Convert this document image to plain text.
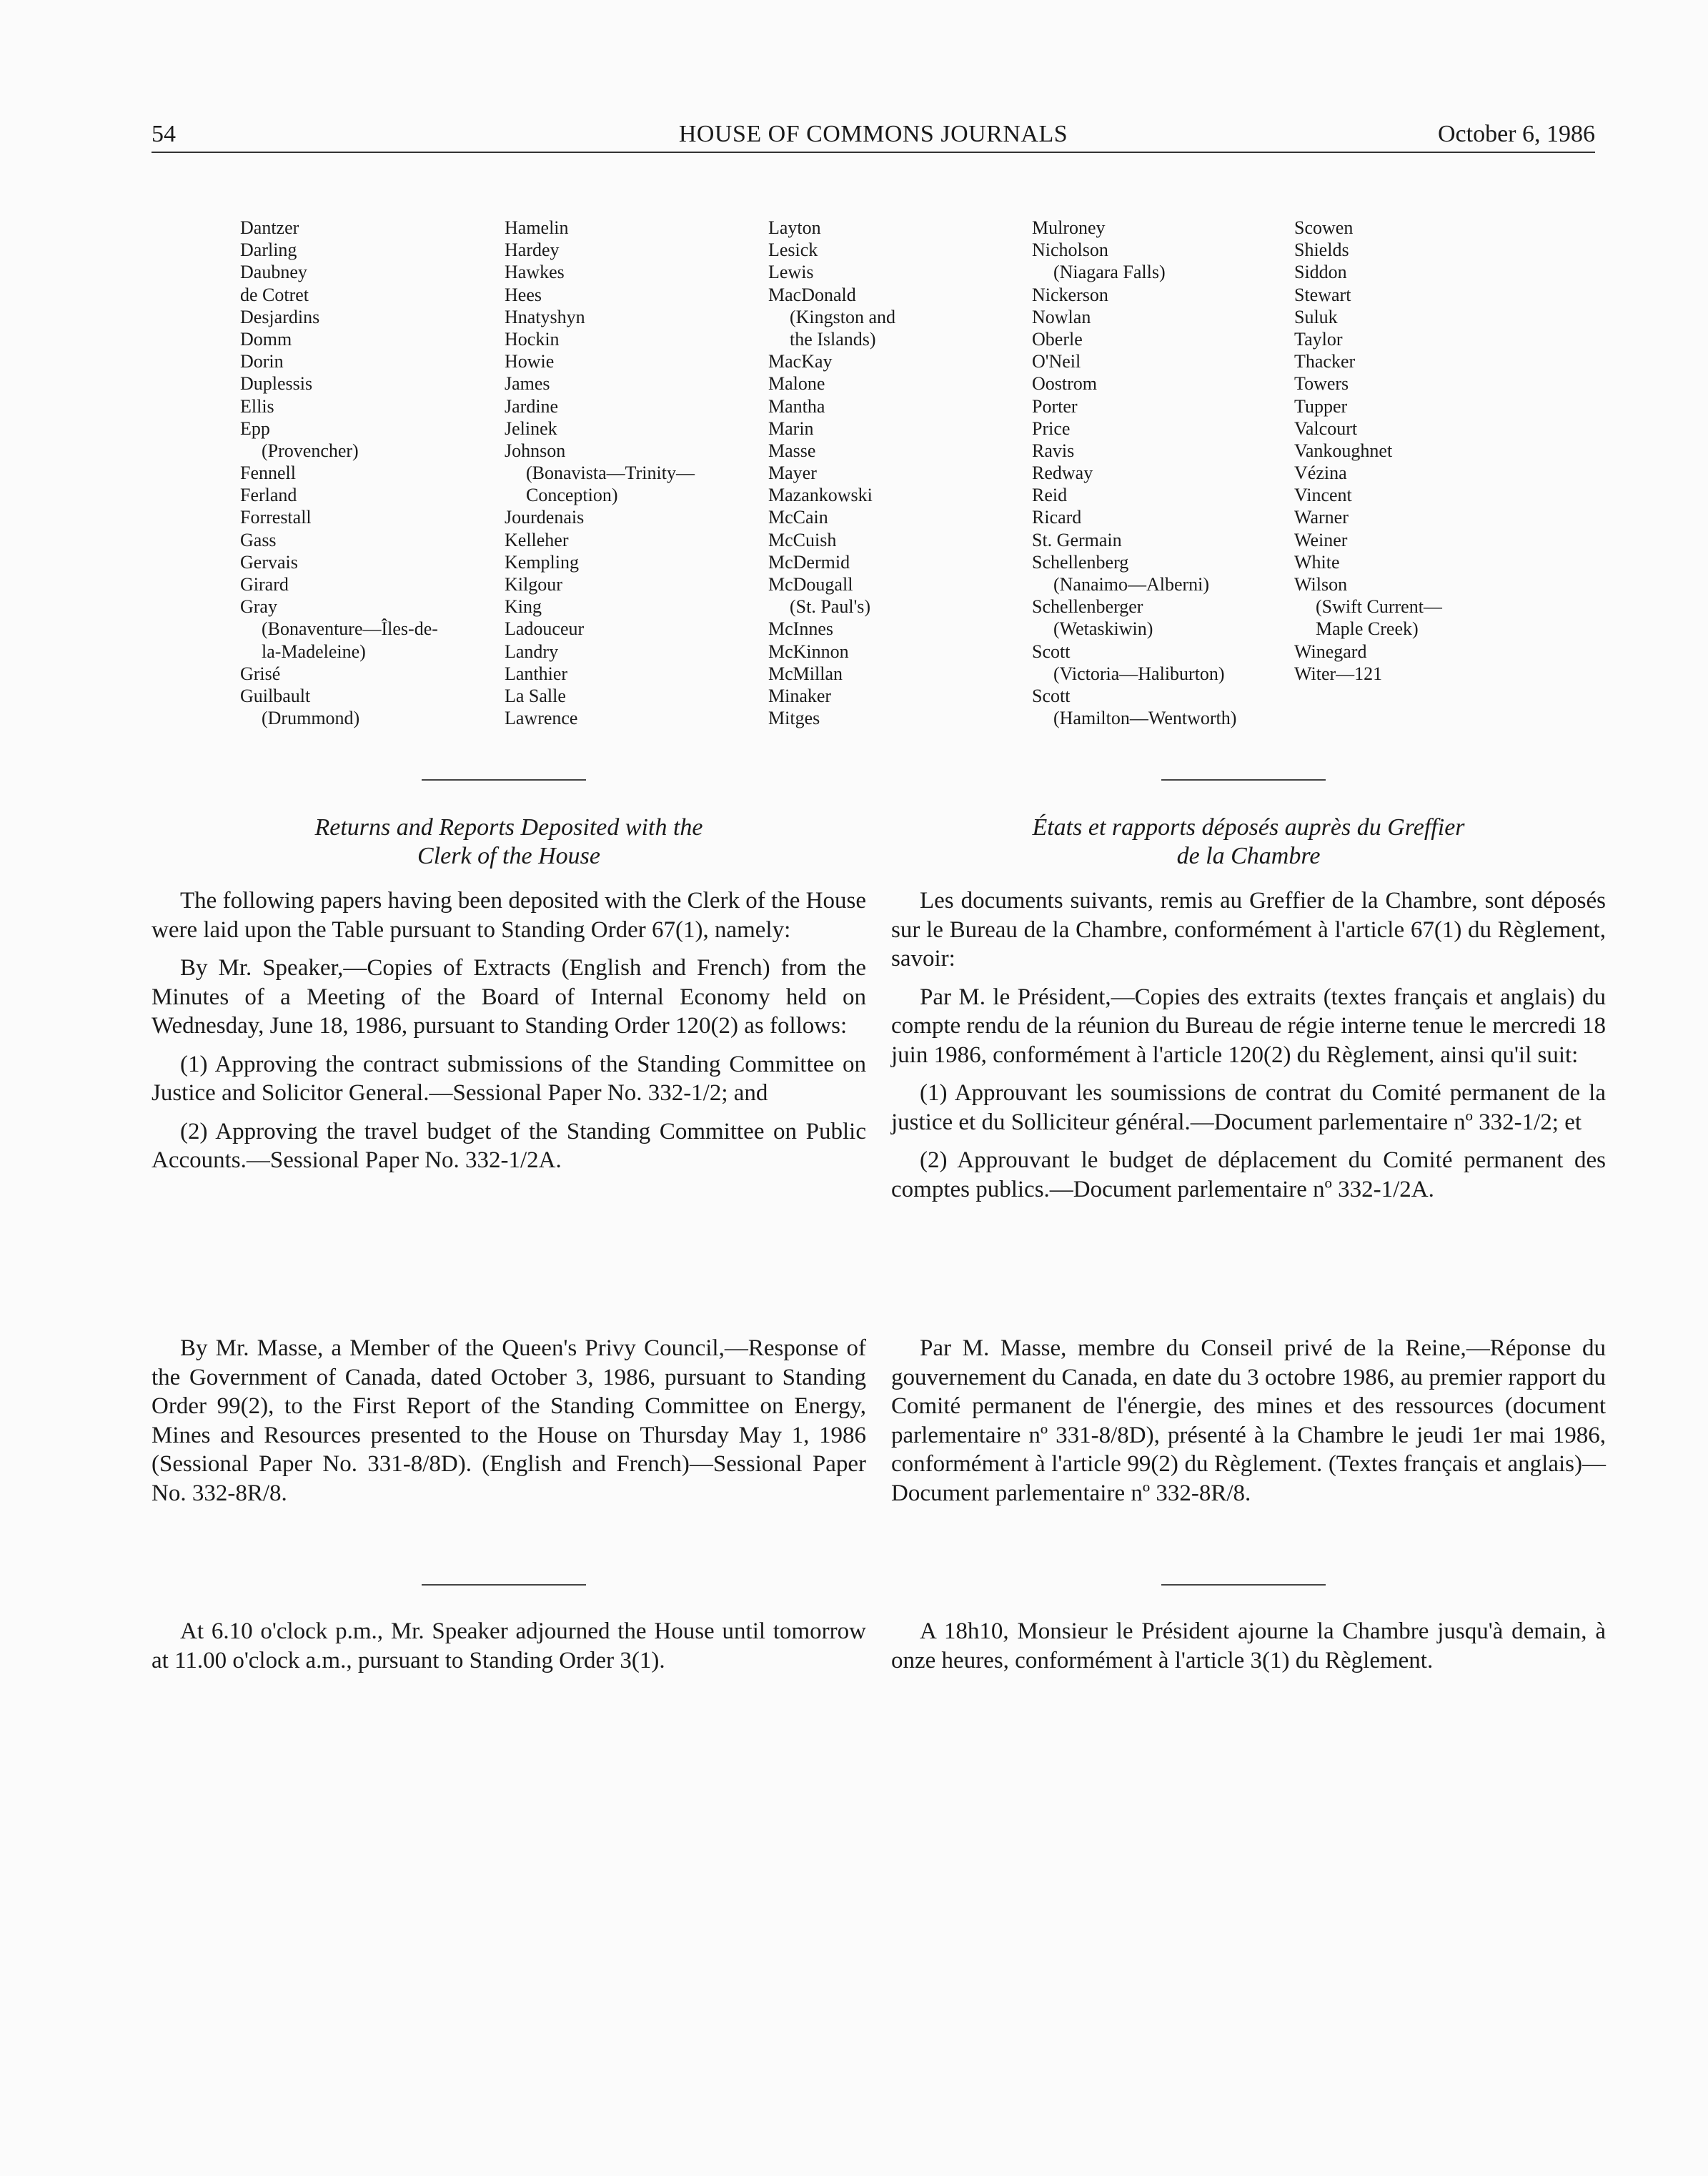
54	HOUSE OF COMMONS JOURNALS	October 6, 1986
Dantzer
Darling
Daubney
de Cotret
Desjardins
Domm
Dorin
Duplessis
Ellis
Epp
(Provencher)
Fennell
Ferland
Forrestall
Gass
Gervais
Girard
Gray
(Bonaventure—Îles-de-
la-Madeleine)
Grisé
Guilbault
(Drummond)
Hamelin
Hardey
Hawkes
Hees
Hnatyshyn
Hockin
Howie
James
Jardine
Jelinek
Johnson
(Bonavista—Trinity—
Conception)
Jourdenais
Kelleher
Kempling
Kilgour
King
Ladouceur
Landry
Lanthier
La Salle
Lawrence
Layton
Lesick
Lewis
MacDonald
(Kingston and
the Islands)
MacKay
Malone
Mantha
Marin
Masse
Mayer
Mazankowski
McCain
McCuish
McDermid
McDougall
(St. Paul's)
McInnes
McKinnon
McMillan
Minaker
Mitges
Mulroney
Nicholson
(Niagara Falls)
Nickerson
Nowlan
Oberle
O'Neil
Oostrom
Porter
Price
Ravis
Redway
Reid
Ricard
St. Germain
Schellenberg
(Nanaimo—Alberni)
Schellenberger
(Wetaskiwin)
Scott
(Victoria—Haliburton)
Scott
(Hamilton—Wentworth)
Scowen
Shields
Siddon
Stewart
Suluk
Taylor
Thacker
Towers
Tupper
Valcourt
Vankoughnet
Vézina
Vincent
Warner
Weiner
White
Wilson
(Swift Current—
Maple Creek)
Winegard
Witer—121
Returns and Reports Deposited with the
Clerk of the House
The following papers having been deposited with the Clerk of the House were laid upon the Table pursuant to Standing Order 67(1), namely:
By Mr. Speaker,—Copies of Extracts (English and French) from the Minutes of a Meeting of the Board of Internal Economy held on Wednesday, June 18, 1986, pursuant to Standing Order 120(2) as follows:
(1) Approving the contract submissions of the Standing Committee on Justice and Solicitor General.—Sessional Paper No. 332-1/2; and
(2) Approving the travel budget of the Standing Committee on Public Accounts.—Sessional Paper No. 332-1/2A.
By Mr. Masse, a Member of the Queen's Privy Council,—Response of the Government of Canada, dated October 3, 1986, pursuant to Standing Order 99(2), to the First Report of the Standing Committee on Energy, Mines and Resources presented to the House on Thursday May 1, 1986 (Sessional Paper No. 331-8/8D). (English and French)—Sessional Paper No. 332-8R/8.
At 6.10 o'clock p.m., Mr. Speaker adjourned the House until tomorrow at 11.00 o'clock a.m., pursuant to Standing Order 3(1).
États et rapports déposés auprès du Greffier
de la Chambre
Les documents suivants, remis au Greffier de la Chambre, sont déposés sur le Bureau de la Chambre, conformément à l'article 67(1) du Règlement, savoir:
Par M. le Président,—Copies des extraits (textes français et anglais) du compte rendu de la réunion du Bureau de régie interne tenue le mercredi 18 juin 1986, conformément à l'article 120(2) du Règlement, ainsi qu'il suit:
(1) Approuvant les soumissions de contrat du Comité permanent de la justice et du Solliciteur général.—Document parlementaire nº 332-1/2; et
(2) Approuvant le budget de déplacement du Comité permanent des comptes publics.—Document parlementaire nº 332-1/2A.
Par M. Masse, membre du Conseil privé de la Reine,—Réponse du gouvernement du Canada, en date du 3 octobre 1986, au premier rapport du Comité permanent de l'énergie, des mines et des ressources (document parlementaire nº 331-8/8D), présenté à la Chambre le jeudi 1er mai 1986, conformément à l'article 99(2) du Règlement. (Textes français et anglais)—Document parlementaire nº 332-8R/8.
A 18h10, Monsieur le Président ajourne la Chambre jusqu'à demain, à onze heures, conformément à l'article 3(1) du Règlement.
